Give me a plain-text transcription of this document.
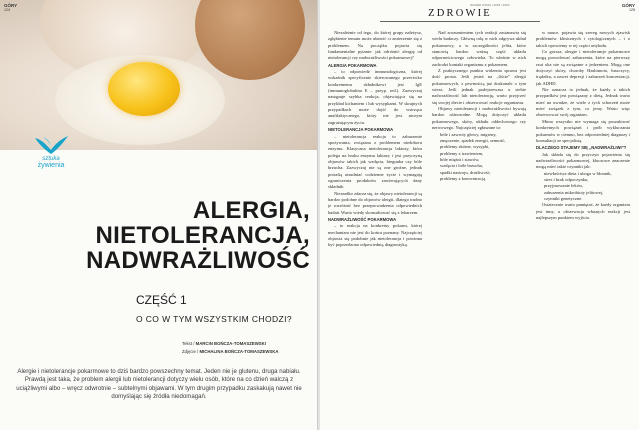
GÓRY
124
sztuka
żywienia
ALERGIA,
NIETOLERANCJA,
NADWRAŻLIWOŚĆ
CZĘŚĆ 1
O CO W TYM WSZYSTKIM CHODZI?
Tekst / MARCIN BOŃCZA-TOMASZEWSKI
Zdjęcie / MICHALINA BOŃCZA-TOMASZEWSKA
Alergie i nietolerancje pokarmowe to dziś bardzo powszechny temat. Jeden nie je glutenu, druga nabiału. Prawdą jest taka, że problem alergii lub nietolerancji dotyczy wielu osób, które na co dzień walczą z uciążliwymi albo – wręcz odwrotnie – subtelnymi objawami. W tym drugim przypadku zaskakują nawet nie domyślając się źródła niedomagań.
NUMER 2/2019 / 2018 / 2020	GÓRY
125
ZDROWIE

Niezależnie od tego, do której grupy należysz, zgłębienie tematu może ułatwić ci zmierzenie się z problemem. Na początku pojawia się fundamentalne pytanie: jak odróżnić alergię od nietolerancji czy nadwrażliwości pokarmowej?

ALERGIA POKARMOWA

– to odpowiedź immunologiczna, której wskaźnik specyficznie skierowanego przeciwko konkretnemu składnikowi jest IgE (immunoglobulina E – przyp. red.). Zazwyczaj następuje szybka reakcja, objawiająca się na przykład kichaniem i lub wysypkami. W skrajnych przypadkach może dojść do wstrząsu anafilaktycznego, który nie jest niczym zagrażającym życiu.

NIETOLERANCJA POKARMOWA

– nietolerancja reakcja to zaburzenie spożywania, związana z problemem niedoboru enzymu. Klasyczna nietolerancja laktozy, która polega na braku enzymu laktazy i jest przyczyną objawów takich jak wzdęcia, biegunka czy bóle brzucha. Zazwyczaj nie są one groźne, jednak potrafią utrudniać codzienne życie i wymagają ograniczenia produktów zawierających dany składnik.

Nierzadko zdarza się, że objawy nietolerancji są bardzo podobne do objawów alergii, dlatego trudno je rozróżnić bez przeprowadzenia odpowiednich badań. Warto wtedy skonsultować się z lekarzem.

NADWRAŻLIWOŚĆ POKARMOWA

– to reakcja na konkretny pokarm, której mechanizm nie jest do końca poznany. Najczęściej objawia się podobnie jak nietolerancja i powinna być poprzedzona odpowiednią diagnostyką.

Nad zrozumieniem tych reakcji zastanawia się wielu badaczy. Główną rolę w nich odgrywa układ pokarmowy, a w szczególności jelita, które stanowią bardzo ważną część układu odpornościowego człowieka. To właśnie w nich zachodzi kontakt organizmu z pokarmem.

Z praktycznego punktu widzenia sprawa jest dość prosta. Jeśli jesteś na „liście” alergii pokarmowych, z pewnością już doskonale o tym wiesz. Jeśli jednak podejrzewasz u siebie nadwrażliwość lub nietolerancję, warto przyjrzeć się swojej diecie i obserwować reakcje organizmu.

Objawy nietolerancji i nadwrażliwości bywają bardzo różnorodne. Mogą dotyczyć układu pokarmowego, skóry, układu oddechowego czy nerwowego. Najczęściej zgłaszane to:

• bóle i zawroty głowy, migreny,
• zmęczenie, spadek energii, senność,
• problemy skórne, wysypki,
• problemy z trawieniem,
• bóle mięśni i stawów,
• wzdęcia i bóle brzucha,
• spadki nastroju, drażliwość,
• problemy z koncentracją.

w nauce, pojawia się szereg nowych zjawisk problemów klinicznych i cytologicznych – i o takich opowiemy w tej części artykułu.

Co gorsza, alergie i nietolerancje pokarmowe mogą powodować zaburzenia, które na pierwszy rzut oka nie są związane z jedzeniem. Mogą one dotyczyć skóry, choroby Hashimoto, łuszczycy, trądziku, a nawet depresji i zaburzeń koncentracji, jak ADHD.

Nie oznacza to jednak, że każdy z takich przypadków jest powiązany z dietą. Jednak warto mieć na uwadze, że wiele z tych schorzeń może mieć związek z tym, co jemy. Warto więc obserwować swój organizm.

Mimo wszystko nie wymaga się poszukiwać konkretnych powiązań i prób wykluczania pokarmów w ciemno, bez odpowiedniej diagnozy i konsultacji ze specjalistą.

DLACZEGO STAJEMY SIĘ „NADWRAŻLIWI”?

Jak składa się do przyczyn pojawienia się nadwrażliwości pokarmowej, kluczowe znaczenie mogą mieć takie czynniki jak:

• niewłaściwa dieta i uboga w błonnik,
• stres i brak odpoczynku,
• przyjmowanie leków,
• zaburzenia mikrobioty jelitowej,
• czynniki genetyczne.

Ostatecznie warto pamiętać, że każdy organizm jest inny, a obserwacja własnych reakcji jest najlepszym punktem wyjścia.
